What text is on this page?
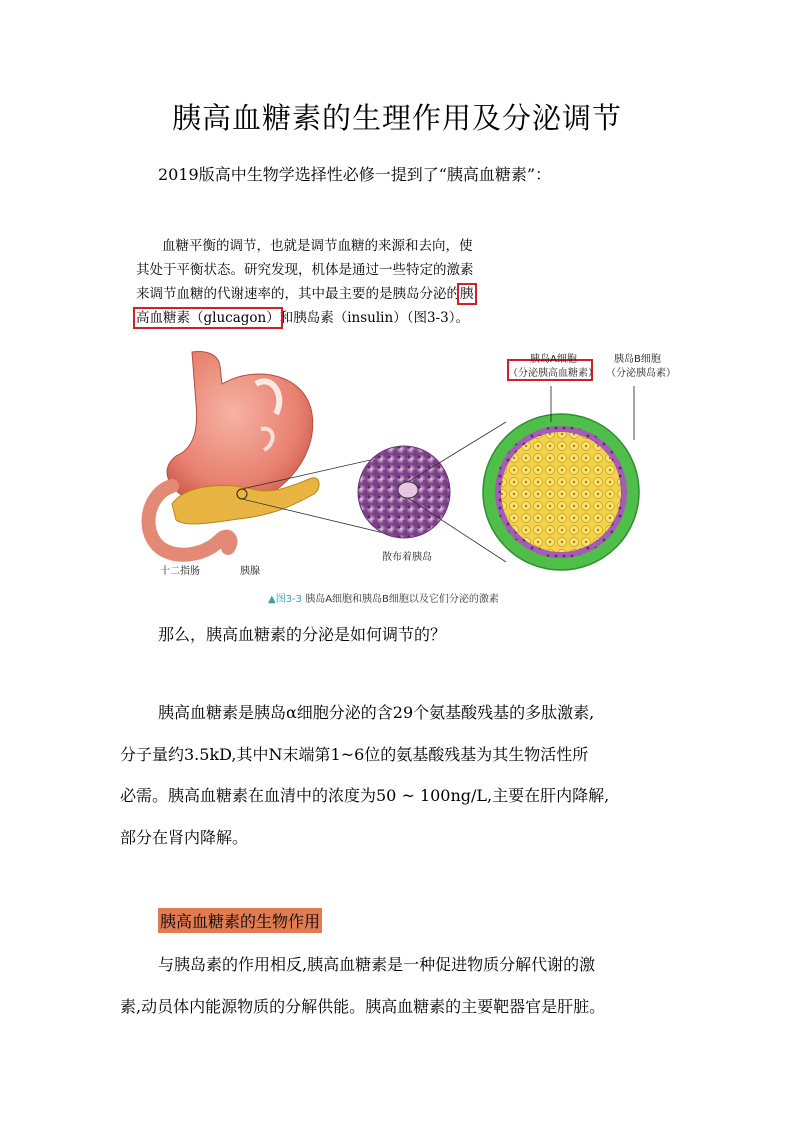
胰高血糖素的生理作用及分泌调节
2019版高中生物学选择性必修一提到了“胰高血糖素”：

血糖平衡的调节，也就是调节血糖的来源和去向，使

其处于平衡状态。研究发现，机体是通过一些特定的激素

来调节血糖的代谢速率的，其中最主要的是胰岛分泌的胰

高血糖素（glucagon）和胰岛素（insulin）（图3-3）。

胰岛A细胞
（分泌胰高血糖素）
胰岛B细胞
（分泌胰岛素）
十二指肠	胰腺
散布着胰岛
▲图3-3 胰岛A细胞和胰岛B细胞以及它们分泌的激素
那么，胰高血糖素的分泌是如何调节的？

胰高血糖素是胰岛α细胞分泌的含29个氨基酸残基的多肽激素,

分子量约3.5kD,其中N末端第1~6位的氨基酸残基为其生物活性所

必需。胰高血糖素在血清中的浓度为50 ~ 100ng/L,主要在肝内降解,

部分在肾内降解。

胰高血糖素的生物作用

与胰岛素的作用相反,胰高血糖素是一种促进物质分解代谢的激

素,动员体内能源物质的分解供能。胰高血糖素的主要靶器官是肝脏。
